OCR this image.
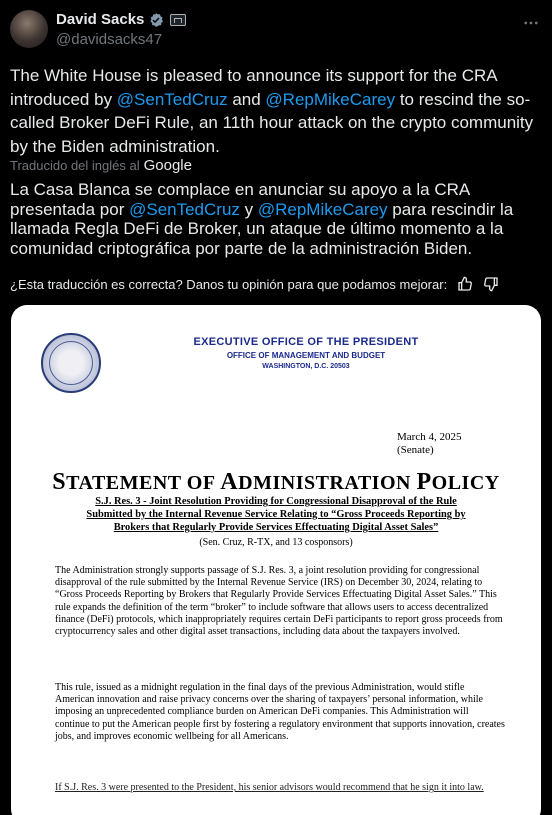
David Sacks
@davidsacks47
The White House is pleased to announce its support for the CRA introduced by @SenTedCruz and @RepMikeCarey to rescind the so-called Broker DeFi Rule, an 11th hour attack on the crypto community by the Biden administration.
Traducido del inglés al Google
La Casa Blanca se complace en anunciar su apoyo a la CRA presentada por @SenTedCruz y @RepMikeCarey para rescindir la llamada Regla DeFi de Broker, un ataque de último momento a la comunidad criptográfica por parte de la administración Biden.
¿Esta traducción es correcta? Danos tu opinión para que podamos mejorar:
EXECUTIVE OFFICE OF THE PRESIDENT
OFFICE OF MANAGEMENT AND BUDGET
WASHINGTON, D.C. 20503
March 4, 2025
(Senate)
STATEMENT OF ADMINISTRATION POLICY
S.J. Res. 3 - Joint Resolution Providing for Congressional Disapproval of the Rule Submitted by the Internal Revenue Service Relating to “Gross Proceeds Reporting by Brokers that Regularly Provide Services Effectuating Digital Asset Sales”
(Sen. Cruz, R-TX, and 13 cosponsors)
The Administration strongly supports passage of S.J. Res. 3, a joint resolution providing for congressional disapproval of the rule submitted by the Internal Revenue Service (IRS) on December 30, 2024, relating to “Gross Proceeds Reporting by Brokers that Regularly Provide Services Effectuating Digital Asset Sales.” This rule expands the definition of the term “broker” to include software that allows users to access decentralized finance (DeFi) protocols, which inappropriately requires certain DeFi participants to report gross proceeds from cryptocurrency sales and other digital asset transactions, including data about the taxpayers involved.
This rule, issued as a midnight regulation in the final days of the previous Administration, would stifle American innovation and raise privacy concerns over the sharing of taxpayers’ personal information, while imposing an unprecedented compliance burden on American DeFi companies. This Administration will continue to put the American people first by fostering a regulatory environment that supports innovation, creates jobs, and improves economic wellbeing for all Americans.
If S.J. Res. 3 were presented to the President, his senior advisors would recommend that he sign it into law.
